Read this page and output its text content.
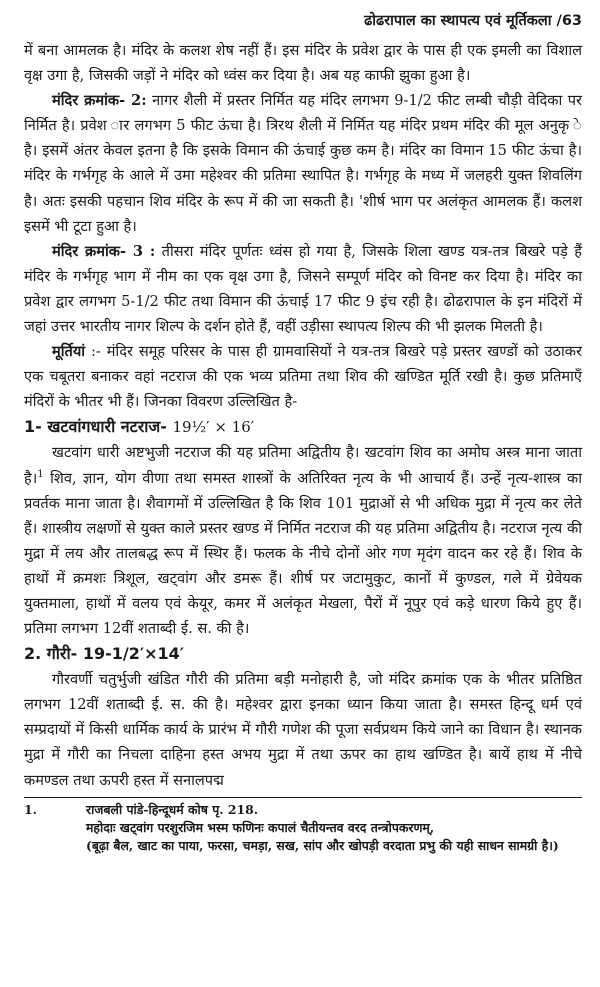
ढोढरापाल का स्थापत्य एवं मूर्तिकला /63

में बना आमलक है। मंदिर के कलश शेष नहीं हैं। इस मंदिर के प्रवेश द्वार के पास ही एक इमली का विशाल वृक्ष उगा है, जिसकी जड़ों ने मंदिर को ध्वंस कर दिया है। अब यह काफी झुका हुआ है।

मंदिर क्रमांक- 2: नागर शैली में प्रस्तर निर्मित यह मंदिर लगभग 9-1/2 फीट लम्बी चौड़ी वेदिका पर निर्मित है। प्रवेश ार लगभग 5 फीट ऊंचा है। त्रिरथ शैली में निर्मित यह मंदिर प्रथम मंदिर की मूल अनुकृ े है। इसमें अंतर केवल इतना है कि इसके विमान की ऊंचाई कुछ कम है। मंदिर का विमान 15 फीट ऊंचा है। मंदिर के गर्भगृह के आले में उमा महेश्वर की प्रतिमा स्थापित है। गर्भगृह के मध्य में जलहरी युक्त शिवलिंग है। अतः इसकी पहचान शिव मंदिर के रूप में की जा सकती है। 'शीर्ष भाग पर अलंकृत आमलक हैं। कलश इसमें भी टूटा हुआ है।

मंदिर क्रमांक- 3 : तीसरा मंदिर पूर्णतः ध्वंस हो गया है, जिसके शिला खण्ड यत्र-तत्र बिखरे पड़े हैं मंदिर के गर्भगृह भाग में नीम का एक वृक्ष उगा है, जिसने सम्पूर्ण मंदिर को विनष्ट कर दिया है। मंदिर का प्रवेश द्वार लगभग 5-1/2 फीट तथा विमान की ऊंचाई 17 फीट 9 इंच रही है। ढोढरापाल के इन मंदिरों में जहां उत्तर भारतीय नागर शिल्प के दर्शन होते हैं, वहीं उड़ीसा स्थापत्य शिल्प की भी झलक मिलती है।

मूर्तियां :- मंदिर समूह परिसर के पास ही ग्रामवासियों ने यत्र-तत्र बिखरे पड़े प्रस्तर खण्डों को उठाकर एक चबूतरा बनाकर वहां नटराज की एक भव्य प्रतिमा तथा शिव की खण्डित मूर्ति रखी है। कुछ प्रतिमाएँ मंदिरों के भीतर भी हैं। जिनका विवरण उल्लिखित है-

1- खटवांगधारी नटराज- 19½′ × 16′

खटवांग धारी अष्टभुजी नटराज की यह प्रतिमा अद्वितीय है। खटवांग शिव का अमोघ अस्त्र माना जाता है।$^1$ शिव, ज्ञान, योग वीणा तथा समस्त शास्त्रों के अतिरिक्त नृत्य के भी आचार्य हैं। उन्हें नृत्य-शास्त्र का प्रवर्तक माना जाता है। शैवागमों में उल्लिखित है कि शिव 101 मुद्राओं से भी अधिक मुद्रा में नृत्य कर लेते हैं। शास्त्रीय लक्षणों से युक्त काले प्रस्तर खण्ड में निर्मित नटराज की यह प्रतिमा अद्वितीय है। नटराज नृत्य की मुद्रा में लय और तालबद्ध रूप में स्थिर हैं। फलक के नीचे दोनों ओर गण मृदंग वादन कर रहे हैं। शिव के हाथों में क्रमशः त्रिशूल, खट्वांग और डमरू हैं। शीर्ष पर जटामुकुट, कानों में कुण्डल, गले में ग्रेवेयक युक्तमाला, हाथों में वलय एवं केयूर, कमर में अलंकृत मेखला, पैरों में नूपुर एवं कड़े धारण किये हुए हैं। प्रतिमा लगभग 12वीं शताब्दी ई. स. की है।

2. गौरी- 19-1/2′×14′

गौरवर्णी चतुर्भुजी खंडित गौरी की प्रतिमा बड़ी मनोहारी है, जो मंदिर क्रमांक एक के भीतर प्रतिष्ठित लगभग 12वीं शताब्दी ई. स. की है। महेश्वर द्वारा इनका ध्यान किया जाता है। समस्त हिन्दू धर्म एवं सम्प्रदायों में किसी धार्मिक कार्य के प्रारंभ में गौरी गणेश की पूजा सर्वप्रथम किये जाने का विधान है। स्थानक मुद्रा में गौरी का निचला दाहिना हस्त अभय मुद्रा में तथा ऊपर का हाथ खण्डित है। बायें हाथ में नीचे कमण्डल तथा ऊपरी हस्त में सनालपद्म

1.	राजबली पांडे-हिन्दूधर्म कोष पृ. 218.
महोदाः खट्वांग परशुरजिम भस्म फणिनः कपालं चैतीयन्तव वरद तन्त्रोपकरणम्,
(बूढ़ा बैल, खाट का पाया, फरसा, चमड़ा, सख, सांप और खोपड़ी वरदाता प्रभु की यही साधन सामग्री है।)
